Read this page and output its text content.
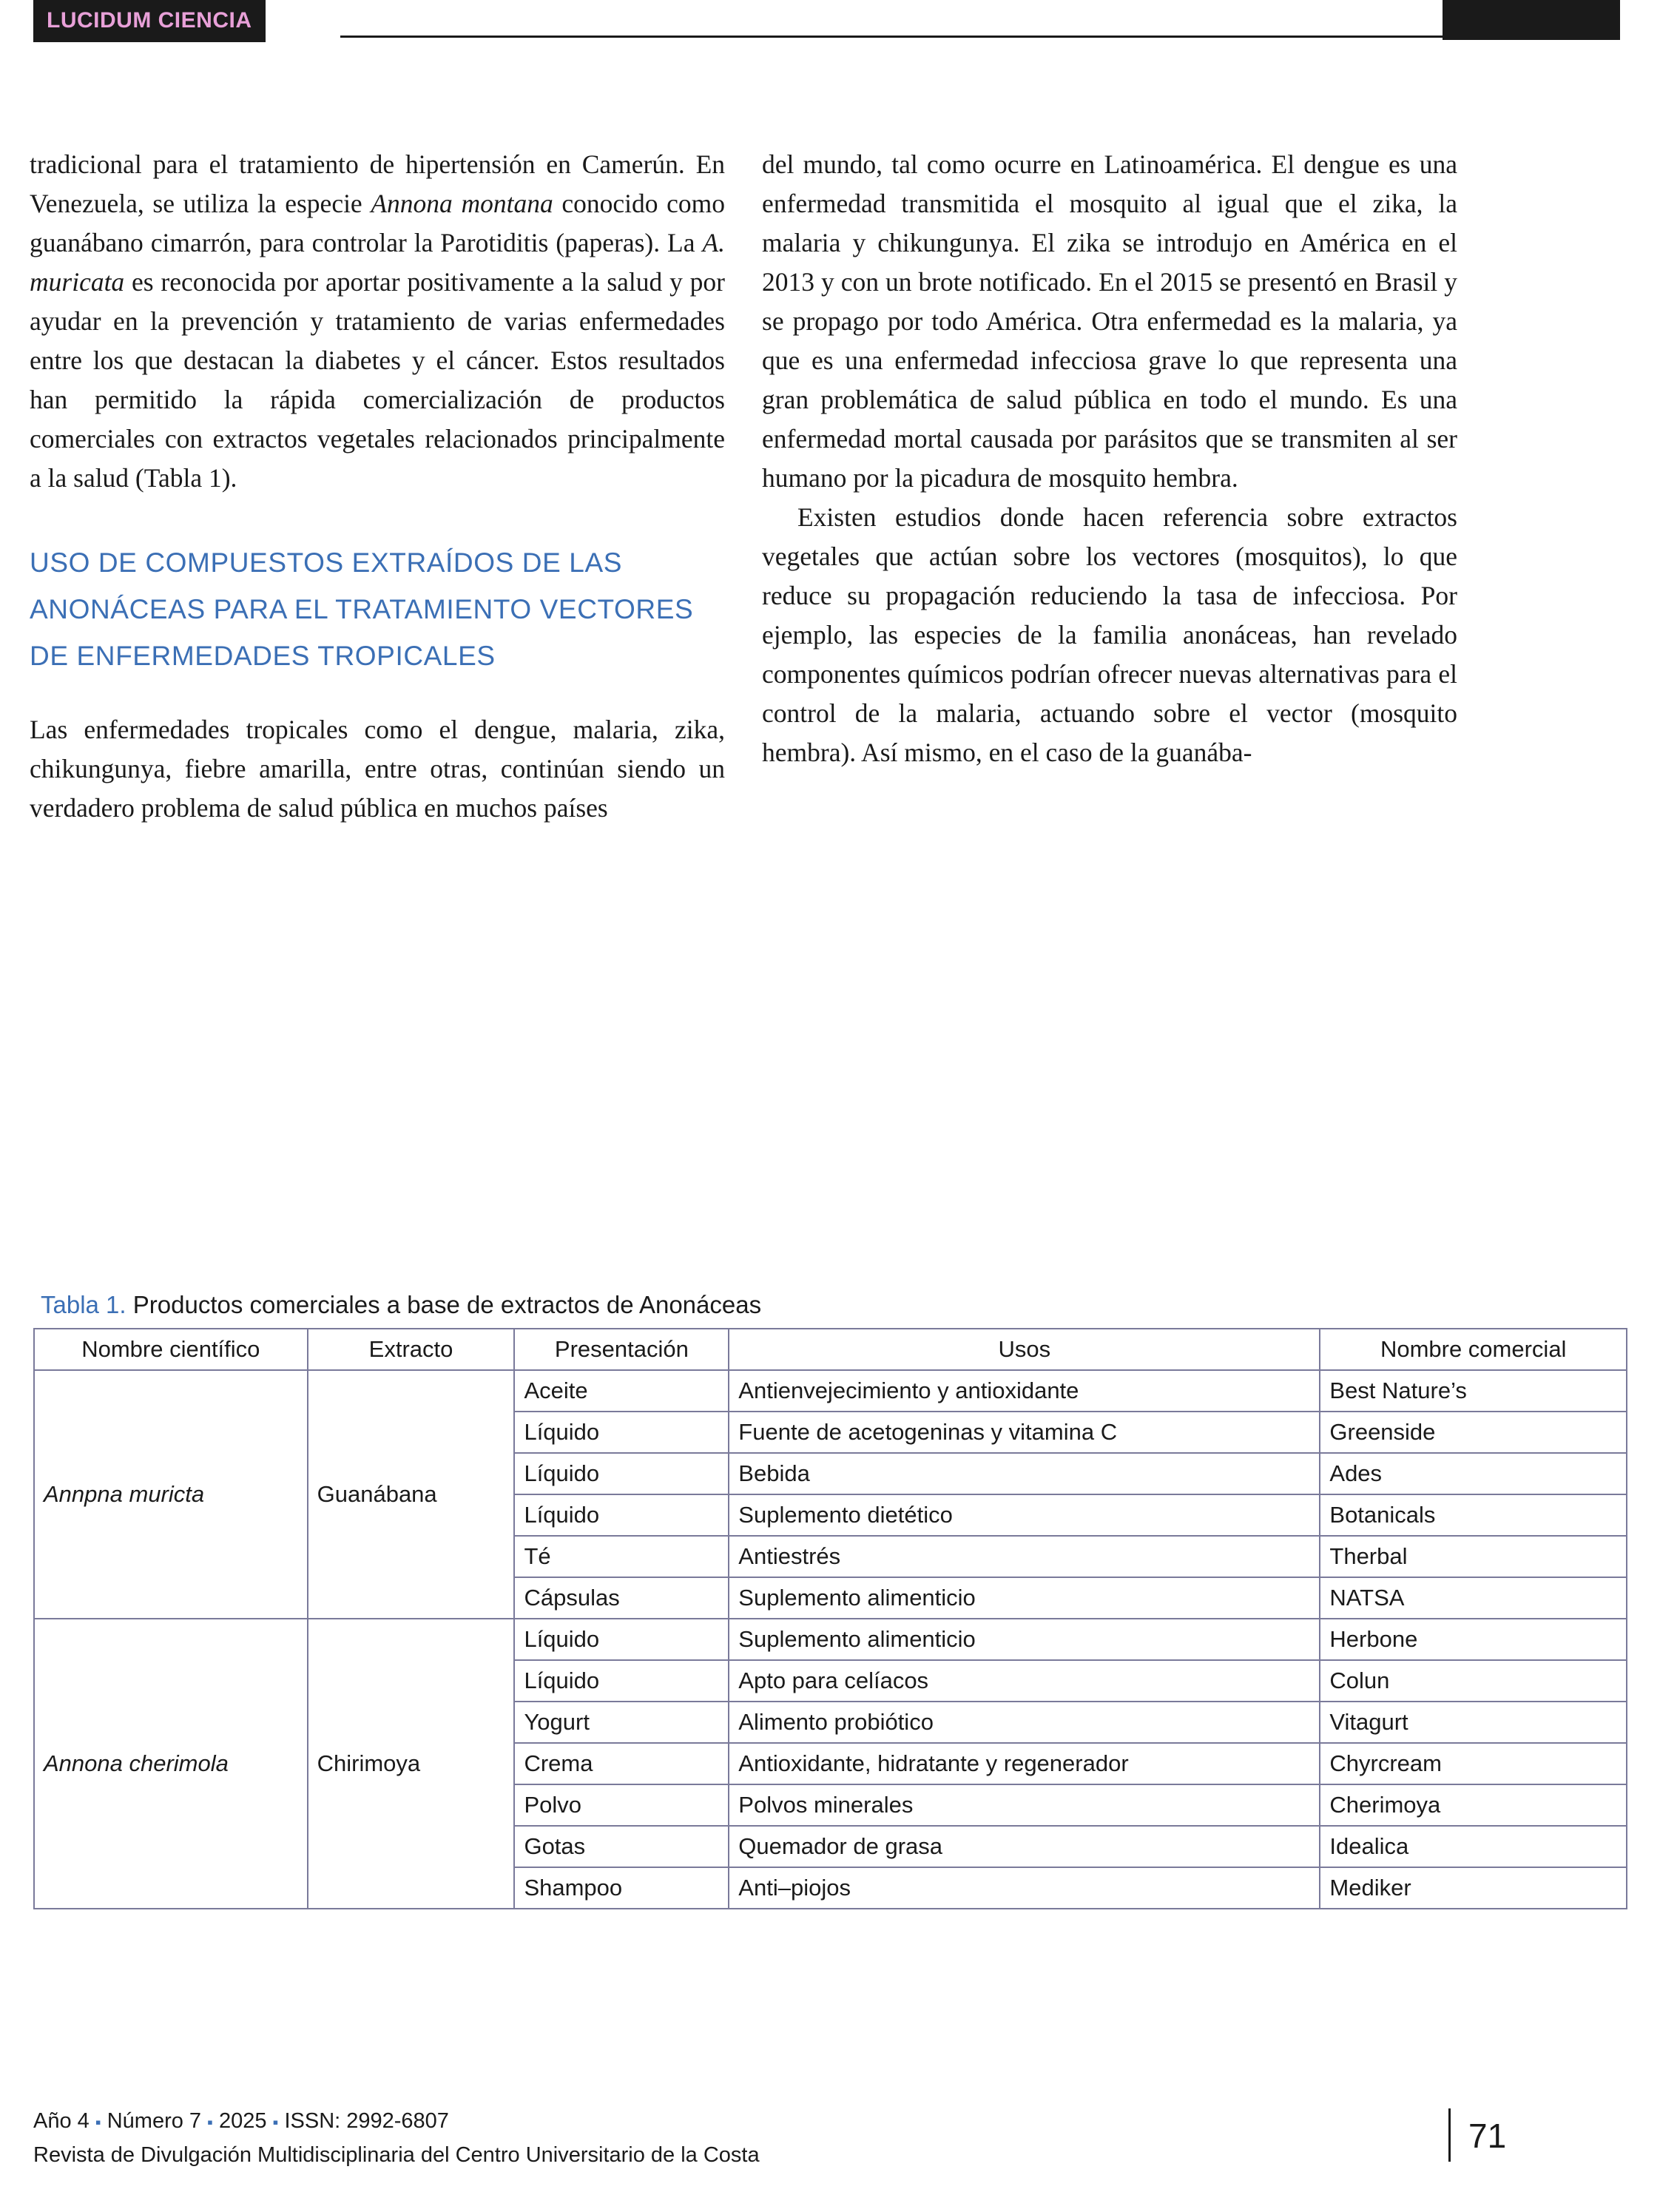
LUCIDUM CIENCIA

tradicional para el tratamiento de hipertensión en Camerún. En Venezuela, se utiliza la especie Annona montana conocido como guanábano cimarrón, para controlar la Parotiditis (paperas). La A. muricata es reconocida por aportar positivamente a la salud y por ayudar en la prevención y tratamiento de varias enfermedades entre los que destacan la diabetes y el cáncer. Estos resultados han permitido la rápida comercialización de productos comerciales con extractos vegetales relacionados principalmente a la salud (Tabla 1).

USO DE COMPUESTOS EXTRAÍDOS DE LAS ANONÁCEAS PARA EL TRATAMIENTO VECTORES DE ENFERMEDADES TROPICALES

Las enfermedades tropicales como el dengue, malaria, zika, chikungunya, fiebre amarilla, entre otras, continúan siendo un verdadero problema de salud pública en muchos países

del mundo, tal como ocurre en Latinoamérica. El dengue es una enfermedad transmitida el mosquito al igual que el zika, la malaria y chikungunya. El zika se introdujo en América en el 2013 y con un brote notificado. En el 2015 se presentó en Brasil y se propago por todo América. Otra enfermedad es la malaria, ya que es una enfermedad infecciosa grave lo que representa una gran problemática de salud pública en todo el mundo. Es una enfermedad mortal causada por parásitos que se transmiten al ser humano por la picadura de mosquito hembra.

Existen estudios donde hacen referencia sobre extractos vegetales que actúan sobre los vectores (mosquitos), lo que reduce su propagación reduciendo la tasa de infecciosa. Por ejemplo, las especies de la familia anonáceas, han revelado componentes químicos podrían ofrecer nuevas alternativas para el control de la malaria, actuando sobre el vector (mosquito hembra). Así mismo, en el caso de la guanába-

Tabla 1. Productos comerciales a base de extractos de Anonáceas
Nombre científico	Extracto	Presentación	Usos	Nombre comercial
Annpna muricta	Guanábana	Aceite	Antienvejecimiento y antioxidante	Best Nature’s
		Líquido	Fuente de acetogeninas y vitamina C	Greenside
		Líquido	Bebida	Ades
		Líquido	Suplemento dietético	Botanicals
		Té	Antiestrés	Therbal
		Cápsulas	Suplemento alimenticio	NATSA
Annona cherimola	Chirimoya	Líquido	Suplemento alimenticio	Herbone
		Líquido	Apto para celíacos	Colun
		Yogurt	Alimento probiótico	Vitagurt
		Crema	Antioxidante, hidratante y regenerador	Chyrcream
		Polvo	Polvos minerales	Cherimoya
		Gotas	Quemador de grasa	Idealica
		Shampoo	Anti–piojos	Mediker
Año 4 ▪ Número 7 ▪ 2025 ▪ ISSN: 2992-6807
Revista de Divulgación Multidisciplinaria del Centro Universitario de la Costa	71
